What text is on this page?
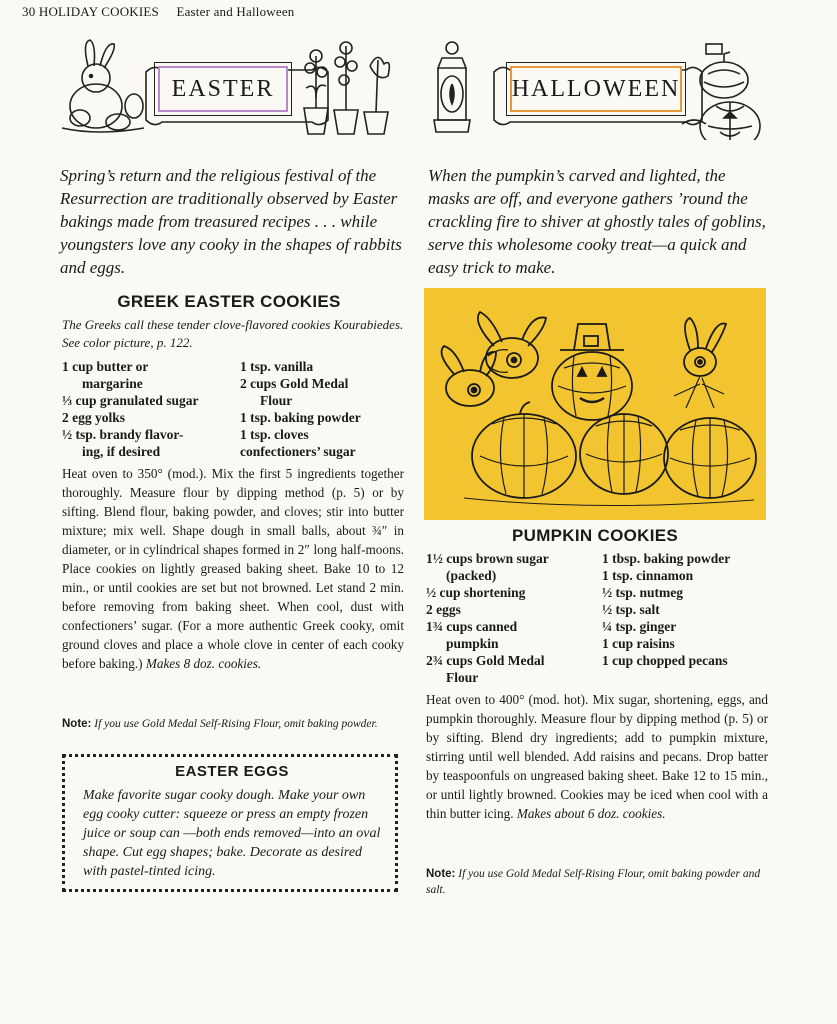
30 HOLIDAY COOKIES Easter and Halloween
EASTER
Spring’s return and the religious festival of the Resurrection are traditionally observed by Easter bakings made from treasured recipes . . . while youngsters love any cooky in the shapes of rabbits and eggs.
GREEK EASTER COOKIES
The Greeks call these tender clove-flavored cookies Kourabiedes. See color picture, p. 122.
1 cup butter or
margarine
⅓ cup granulated sugar
2 egg yolks
½ tsp. brandy flavor-
ing, if desired
1 tsp. vanilla
2 cups Gold Medal
Flour
1 tsp. baking powder
1 tsp. cloves
confectioners’ sugar
Heat oven to 350° (mod.). Mix the first 5 ingredients together thoroughly. Measure flour by dipping method (p. 5) or by sifting. Blend flour, baking powder, and cloves; stir into butter mixture; mix well. Shape dough in small balls, about ¾″ in diameter, or in cylindrical shapes formed in 2″ long half-moons. Place cookies on lightly greased baking sheet. Bake 10 to 12 min., or until cookies are set but not browned. Let stand 2 min. before removing from baking sheet. When cool, dust with confectioners’ sugar. (For a more authentic Greek cooky, omit ground cloves and place a whole clove in center of each cooky before baking.) Makes 8 doz. cookies.
Note: If you use Gold Medal Self-Rising Flour, omit baking powder.
EASTER EGGS
Make favorite sugar cooky dough. Make your own egg cooky cutter: squeeze or press an empty frozen juice or soup can —both ends removed—into an oval shape. Cut egg shapes; bake. Decorate as desired with pastel-tinted icing.
HALLOWEEN
When the pumpkin’s carved and lighted, the masks are off, and everyone gathers ’round the crackling fire to shiver at ghostly tales of goblins, serve this wholesome cooky treat—a quick and easy trick to make.
PUMPKIN COOKIES
1½ cups brown sugar
(packed)
½ cup shortening
2 eggs
1¾ cups canned
pumpkin
2¾ cups Gold Medal
Flour
1 tbsp. baking powder
1 tsp. cinnamon
½ tsp. nutmeg
½ tsp. salt
¼ tsp. ginger
1 cup raisins
1 cup chopped pecans
Heat oven to 400° (mod. hot). Mix sugar, shortening, eggs, and pumpkin thoroughly. Measure flour by dipping method (p. 5) or by sifting. Blend dry ingredients; add to pumpkin mixture, stirring until well blended. Add raisins and pecans. Drop batter by teaspoonfuls on ungreased baking sheet. Bake 12 to 15 min., or until lightly browned. Cookies may be iced when cool with a thin butter icing. Makes about 6 doz. cookies.
Note: If you use Gold Medal Self-Rising Flour, omit baking powder and salt.
